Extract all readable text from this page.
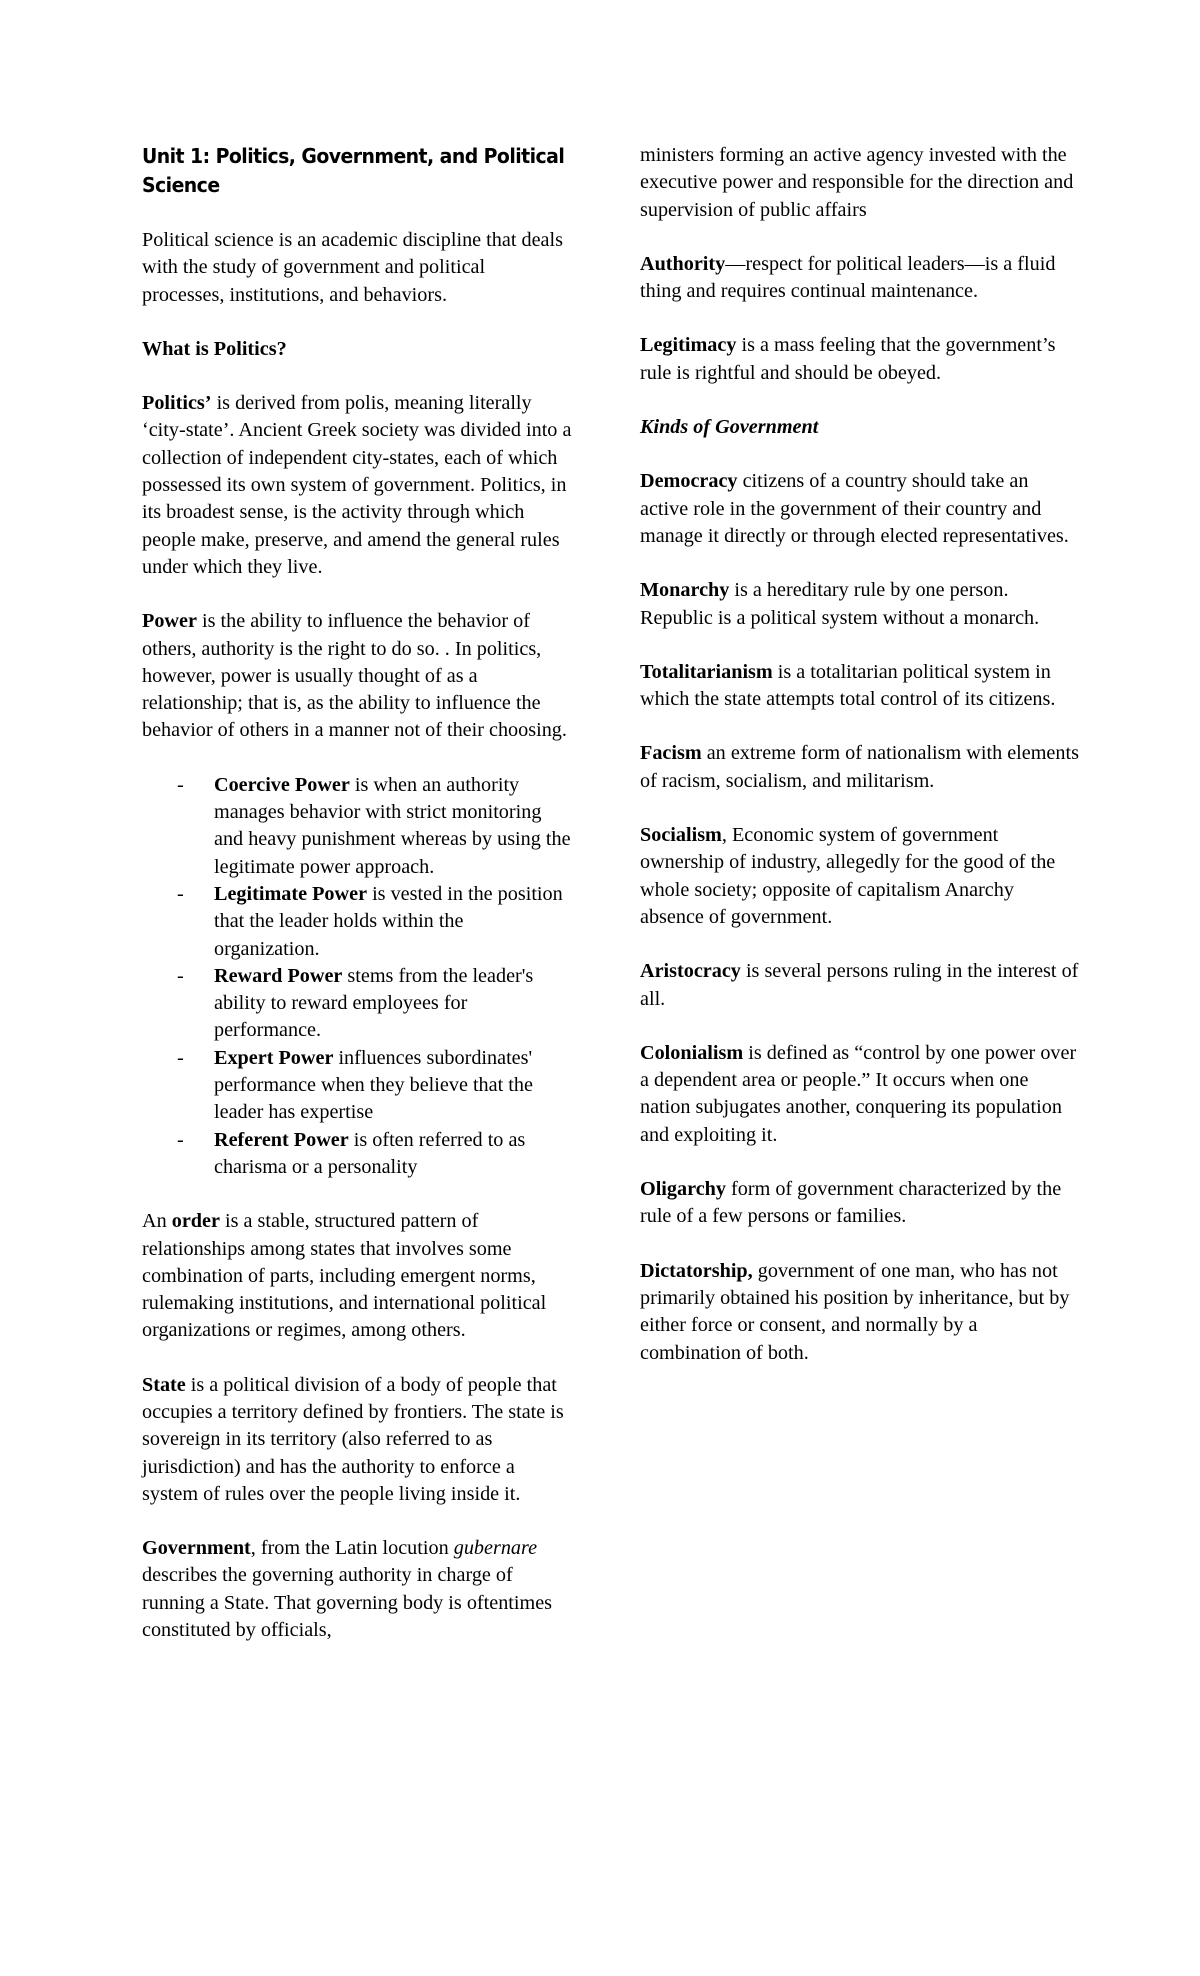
Unit 1: Politics, Government, and Political Science

Political science is an academic discipline that deals with the study of government and political processes, institutions, and behaviors.

What is Politics?

Politics’ is derived from polis, meaning literally ‘city-state’. Ancient Greek society was divided into a collection of independent city-states, each of which possessed its own system of government. Politics, in its broadest sense, is the activity through which people make, preserve, and amend the general rules under which they live.

Power is the ability to influence the behavior of others, authority is the right to do so. . In politics, however, power is usually thought of as a relationship; that is, as the ability to influence the behavior of others in a manner not of their choosing.

- Coercive Power is when an authority manages behavior with strict monitoring and heavy punishment whereas by using the legitimate power approach.
- Legitimate Power is vested in the position that the leader holds within the organization.
- Reward Power stems from the leader's ability to reward employees for performance.
- Expert Power influences subordinates' performance when they believe that the leader has expertise
- Referent Power is often referred to as charisma or a personality

An order is a stable, structured pattern of relationships among states that involves some combination of parts, including emergent norms, rulemaking institutions, and international political organizations or regimes, among others.

State is a political division of a body of people that occupies a territory defined by frontiers. The state is sovereign in its territory (also referred to as jurisdiction) and has the authority to enforce a system of rules over the people living inside it.

Government, from the Latin locution gubernare describes the governing authority in charge of running a State. That governing body is oftentimes constituted by officials,

ministers forming an active agency invested with the executive power and responsible for the direction and supervision of public affairs

Authority—respect for political leaders—is a fluid thing and requires continual maintenance.

Legitimacy is a mass feeling that the government’s rule is rightful and should be obeyed.

Kinds of Government

Democracy citizens of a country should take an active role in the government of their country and manage it directly or through elected representatives.

Monarchy is a hereditary rule by one person. Republic is a political system without a monarch.

Totalitarianism is a totalitarian political system in which the state attempts total control of its citizens.

Facism an extreme form of nationalism with elements of racism, socialism, and militarism.

Socialism, Economic system of government ownership of industry, allegedly for the good of the whole society; opposite of capitalism Anarchy absence of government.

Aristocracy is several persons ruling in the interest of all.

Colonialism is defined as “control by one power over a dependent area or people.” It occurs when one nation subjugates another, conquering its population and exploiting it.

Oligarchy form of government characterized by the rule of a few persons or families.

Dictatorship, government of one man, who has not primarily obtained his position by inheritance, but by either force or consent, and normally by a combination of both.
